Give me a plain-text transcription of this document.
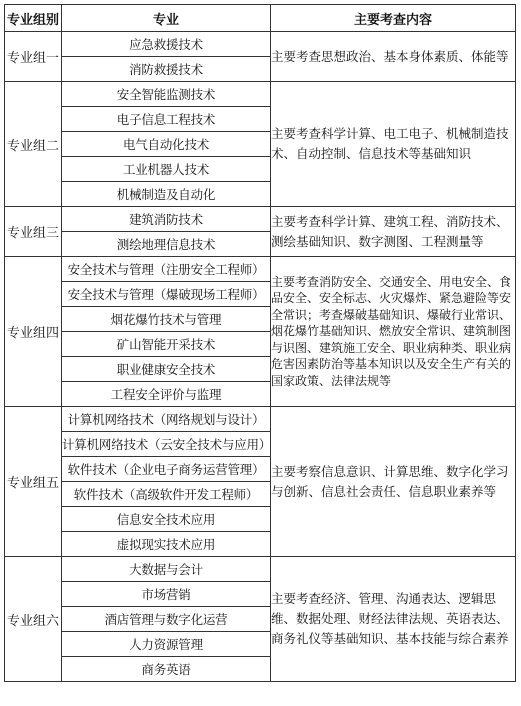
专业组别	专业	主要考查内容
专业组一	应急救援技术	主要考查思想政治、基本身体素质、体能等
	消防救援技术	
专业组二	安全智能监测技术	主要考查科学计算、电工电子、机械制造技术、自动控制、信息技术等基础知识
	电子信息工程技术	
	电气自动化技术	
	工业机器人技术	
	机械制造及自动化	
专业组三	建筑消防技术	主要考查科学计算、建筑工程、消防技术、测绘基础知识、数字测图、工程测量等
	测绘地理信息技术	
专业组四	安全技术与管理（注册安全工程师）	主要考查消防安全、交通安全、用电安全、食品安全、安全标志、火灾爆炸、紧急避险等安全常识；考查爆破基础知识、爆破行业常识、烟花爆竹基础知识、燃放安全常识、建筑制图与识图、建筑施工安全、职业病种类、职业病危害因素防治等基本知识以及安全生产有关的国家政策、法律法规等
	安全技术与管理（爆破现场工程师）	
	烟花爆竹技术与管理	
	矿山智能开采技术	
	职业健康安全技术	
	工程安全评价与监理	
专业组五	计算机网络技术（网络规划与设计）	主要考察信息意识、计算思维、数字化学习与创新、信息社会责任、信息职业素养等
	计算机网络技术（云安全技术与应用）	
	软件技术（企业电子商务运营管理）	
	软件技术（高级软件开发工程师）	
	信息安全技术应用	
	虚拟现实技术应用	
专业组六	大数据与会计	主要考查经济、管理、沟通表达、逻辑思维、数据处理、财经法律法规、英语表达、商务礼仪等基础知识、基本技能与综合素养
	市场营销	
	酒店管理与数字化运营	
	人力资源管理	
	商务英语	
